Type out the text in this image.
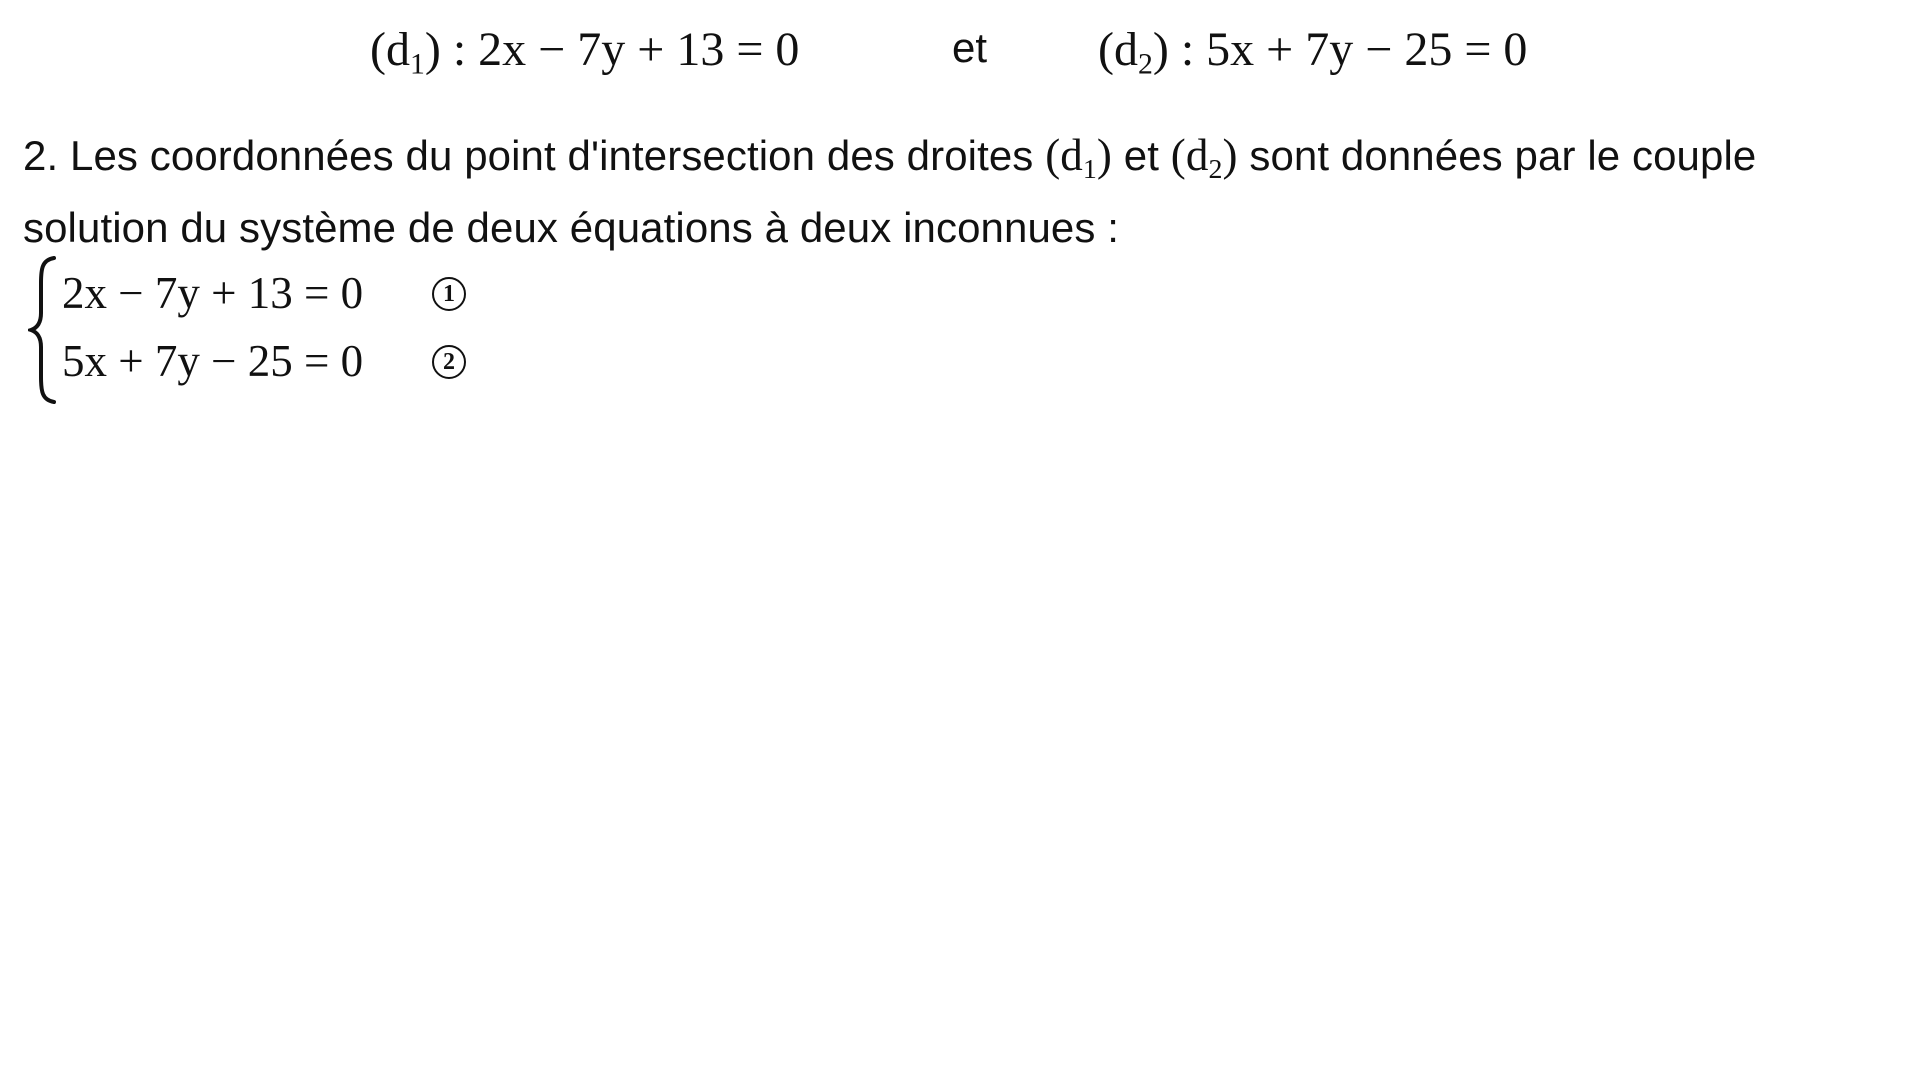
$(d_1)$ : 2x − 7y + 13 = 0	et $(d_2)$ : 5x + 7y − 25 = 0
2. Les coordonnées du point d'intersection des droites $(d_1)$ et $(d_2)$ sont données par le couple solution du système de deux équations à deux inconnues :
2x − 7y + 13 = 0	1
5x + 7y − 25 = 0	2
